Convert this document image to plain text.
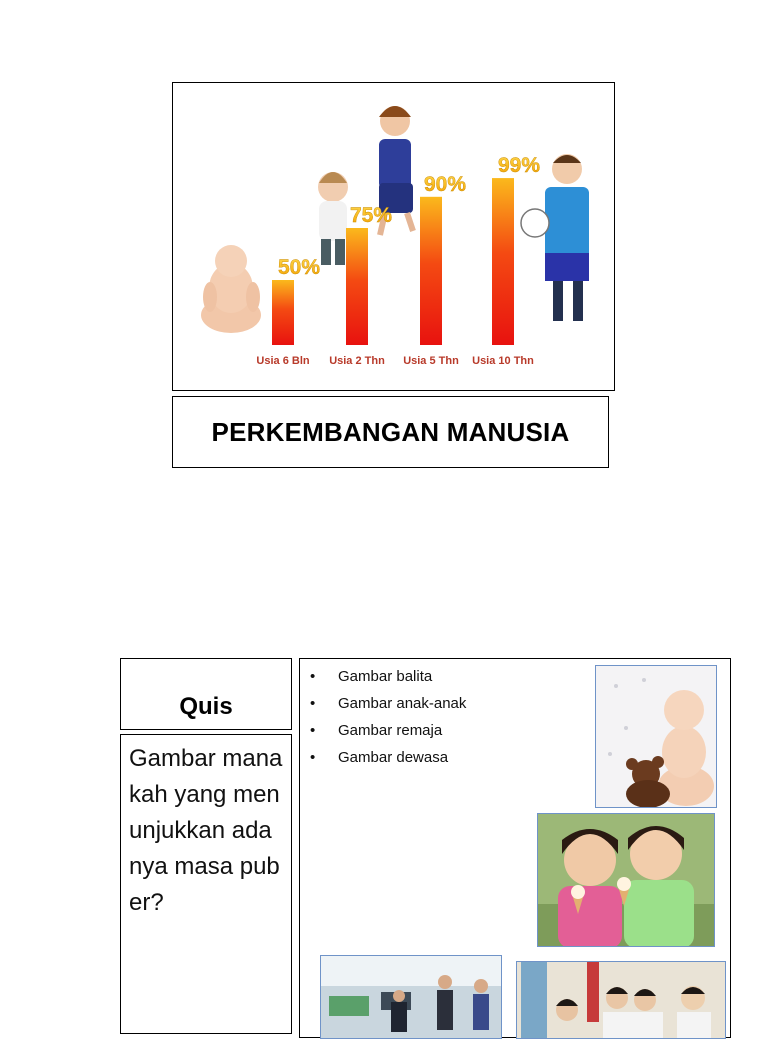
50%
Usia 6 Bln
75%
Usia 2 Thn
90%
Usia 5 Thn
99%
Usia 10 Thn
PERKEMBANGAN MANUSIA
Quis
Gambar manakah yang menunjukkan adanya masa puber?
• Gambar balita
• Gambar anak-anak
• Gambar remaja
• Gambar dewasa
